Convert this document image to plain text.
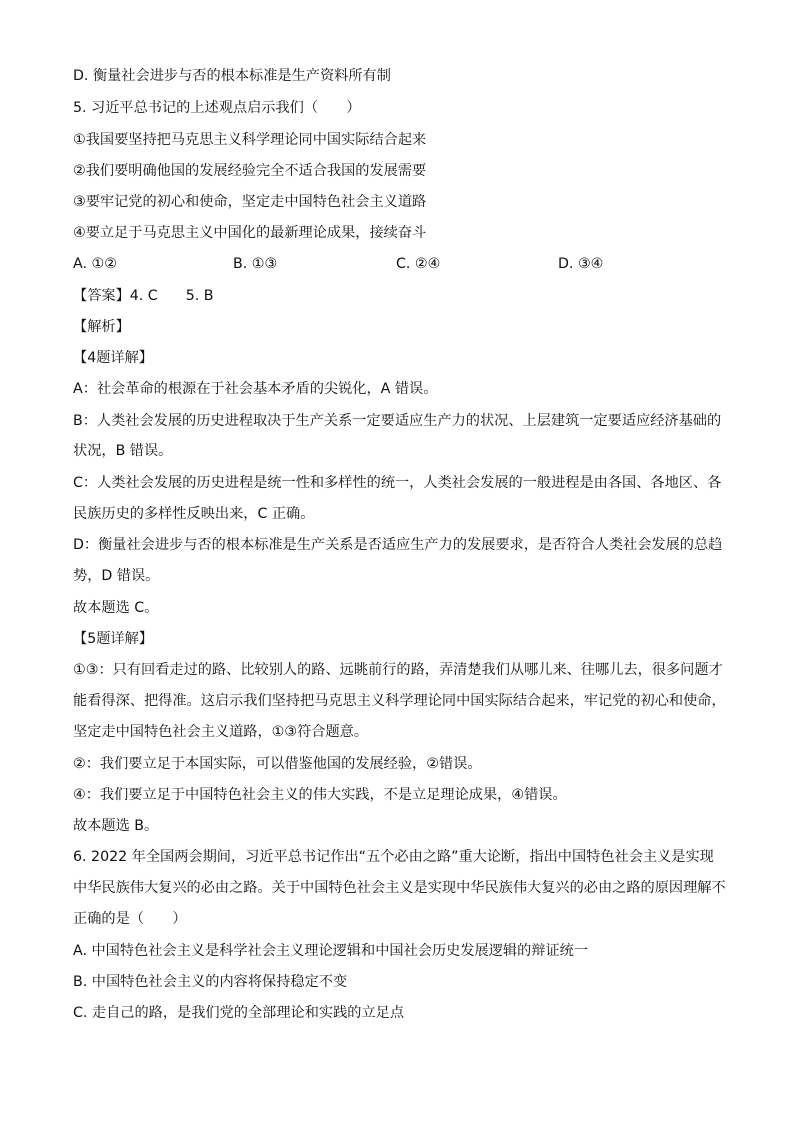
D. 衡量社会进步与否的根本标准是生产资料所有制
5. 习近平总书记的上述观点启示我们（　　）
①我国要坚持把马克思主义科学理论同中国实际结合起来
②我们要明确他国的发展经验完全不适合我国的发展需要
③要牢记党的初心和使命，坚定走中国特色社会主义道路
④要立足于马克思主义中国化的最新理论成果，接续奋斗
A. ①②	B. ①③	C. ②④	D. ③④
【答案】4. C 5. B
【解析】
【4题详解】
A：社会革命的根源在于社会基本矛盾的尖锐化，A 错误。
B：人类社会发展的历史进程取决于生产关系一定要适应生产力的状况、上层建筑一定要适应经济基础的
状况，B 错误。
C：人类社会发展的历史进程是统一性和多样性的统一，人类社会发展的一般进程是由各国、各地区、各
民族历史的多样性反映出来，C 正确。
D：衡量社会进步与否的根本标准是生产关系是否适应生产力的发展要求，是否符合人类社会发展的总趋
势，D 错误。
故本题选 C。
【5题详解】
①③：只有回看走过的路、比较别人的路、远眺前行的路，弄清楚我们从哪儿来、往哪儿去，很多问题才
能看得深、把得准。这启示我们坚持把马克思主义科学理论同中国实际结合起来，牢记党的初心和使命，
坚定走中国特色社会主义道路，①③符合题意。
②：我们要立足于本国实际，可以借鉴他国的发展经验，②错误。
④：我们要立足于中国特色社会主义的伟大实践，不是立足理论成果，④错误。
故本题选 B。
6. 2022 年全国两会期间，习近平总书记作出“五个必由之路”重大论断，指出中国特色社会主义是实现
中华民族伟大复兴的必由之路。关于中国特色社会主义是实现中华民族伟大复兴的必由之路的原因理解不
正确的是（　　）
A. 中国特色社会主义是科学社会主义理论逻辑和中国社会历史发展逻辑的辩证统一
B. 中国特色社会主义的内容将保持稳定不变
C. 走自己的路，是我们党的全部理论和实践的立足点
